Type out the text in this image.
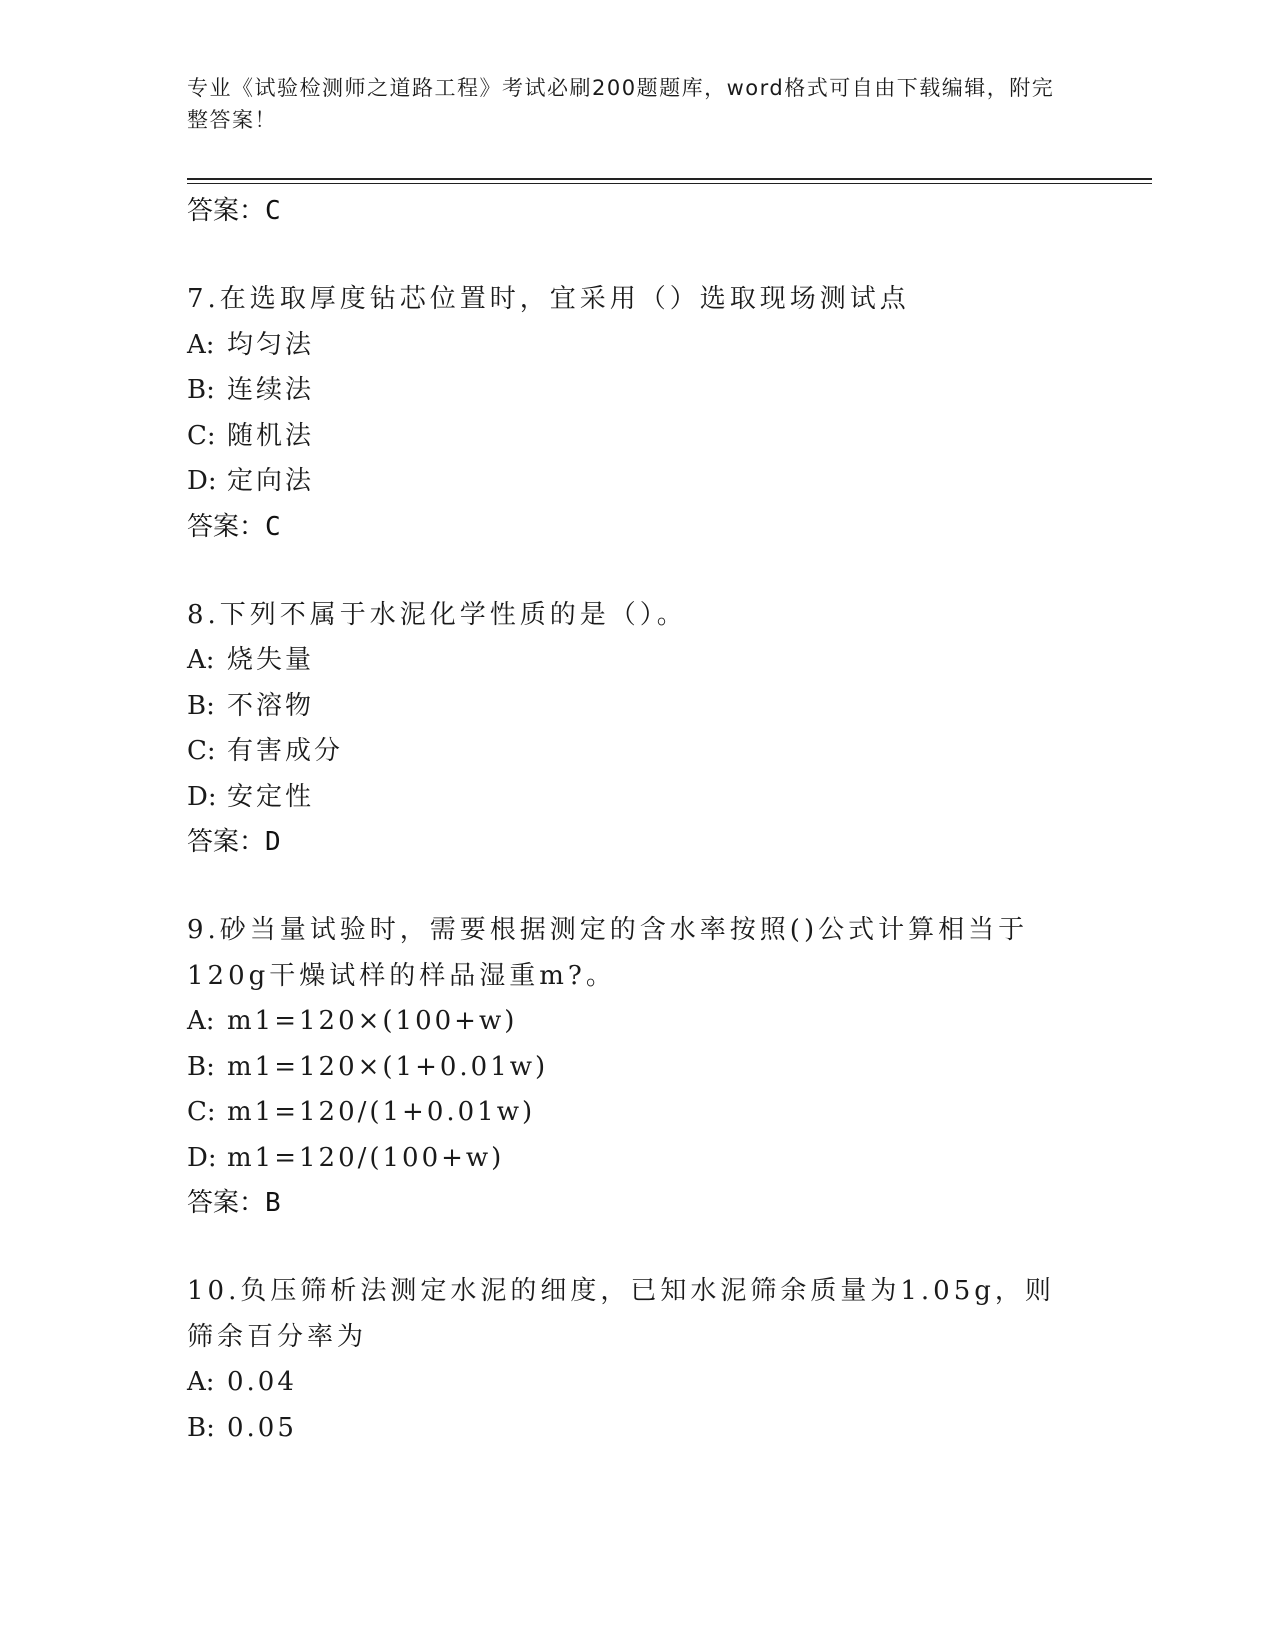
专业《试验检测师之道路工程》考试必刷200题题库，word格式可自由下载编辑，附完整答案！
答案：C
7.在选取厚度钻芯位置时，宜采用（）选取现场测试点
A: 均匀法
B: 连续法
C: 随机法
D: 定向法
答案：C
8.下列不属于水泥化学性质的是（）。
A: 烧失量
B: 不溶物
C: 有害成分
D: 安定性
答案：D
9.砂当量试验时，需要根据测定的含水率按照()公式计算相当于120g干燥试样的样品湿重m?。
A: m1=120×(100+w)
B: m1=120×(1+0.01w)
C: m1=120/(1+0.01w)
D: m1=120/(100+w)
答案：B
10.负压筛析法测定水泥的细度，已知水泥筛余质量为1.05g，则筛余百分率为
A: 0.04
B: 0.05
